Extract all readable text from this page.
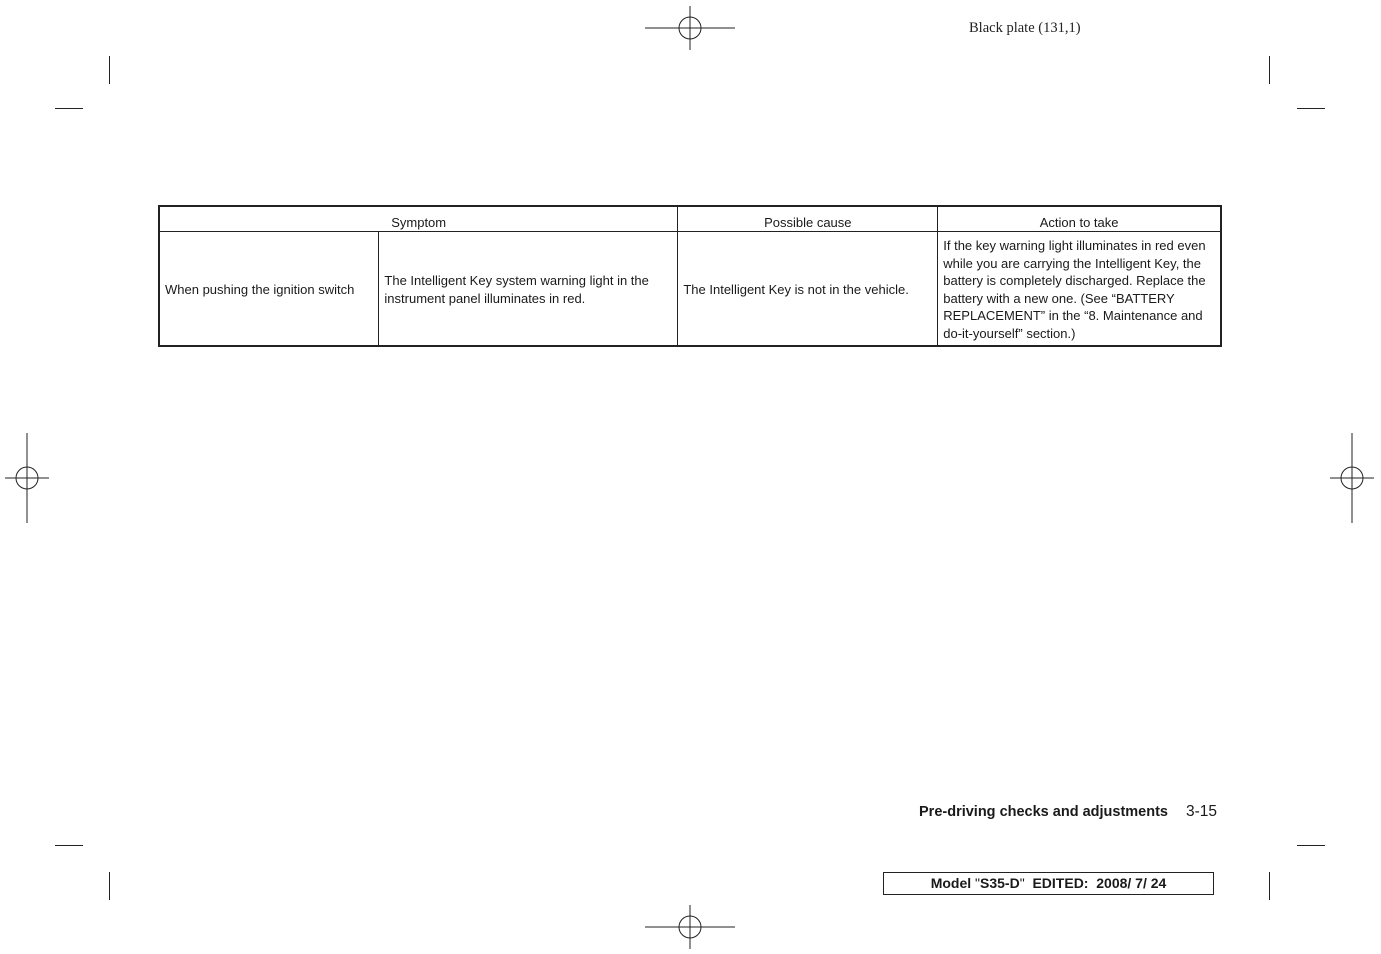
Black plate (131,1)
Symptom		Possible cause	Action to take
When pushing the ignition switch	The Intelligent Key system warning light in the instrument panel illuminates in red.	The Intelligent Key is not in the vehicle.	If the key warning light illuminates in red even while you are carrying the Intelligent Key, the battery is completely discharged. Replace the battery with a new one. (See “BATTERY REPLACEMENT” in the “8. Maintenance and do-it-yourself” section.)
Pre-driving checks and adjustments 3-15
Model "S35-D" EDITED: 2008/ 7/ 24
